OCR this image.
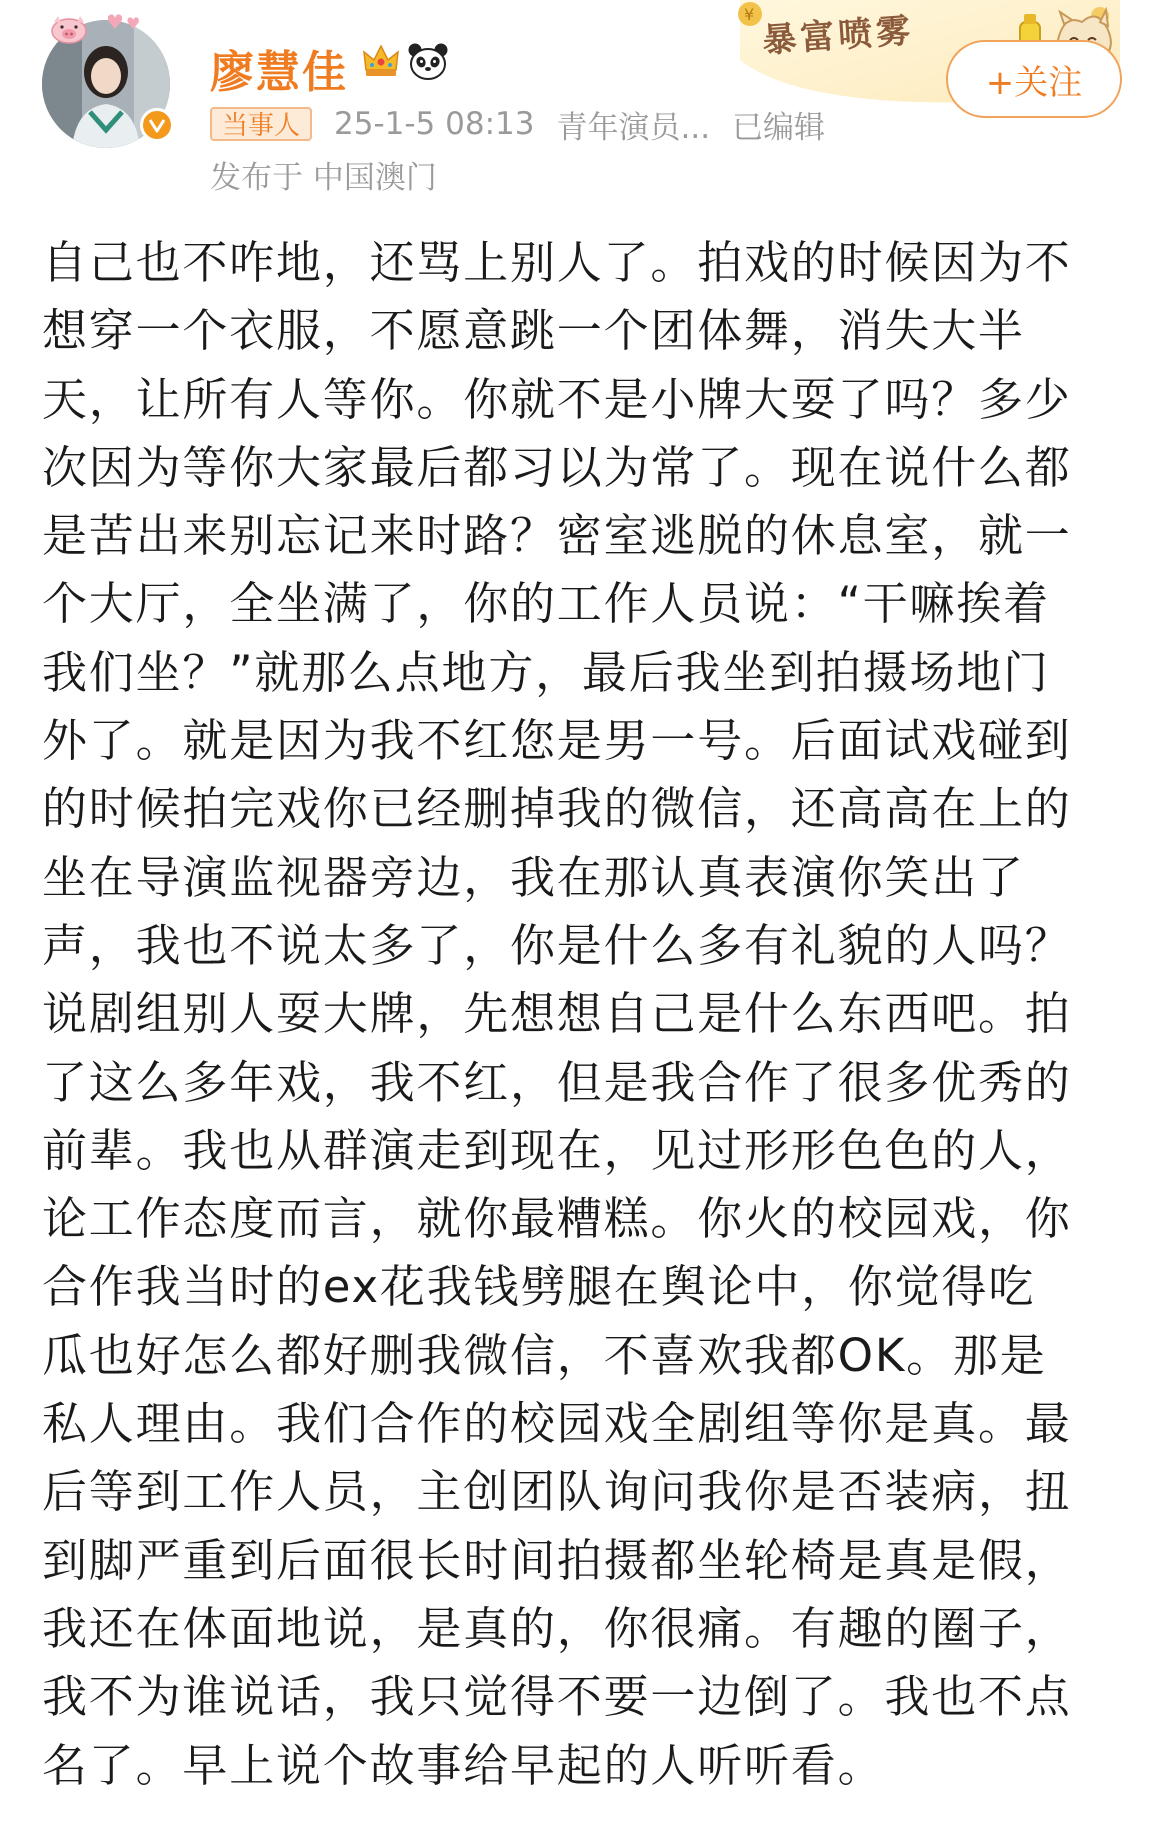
♥ ♥
廖慧佳
当事人	25-1-5 08:13 青年演员... 已编辑
发布于 中国澳门
¥ 暴富喷雾
+关注
自己也不咋地，还骂上别人了。拍戏的时候因为不
想穿一个衣服，不愿意跳一个团体舞，消失大半
天，让所有人等你。你就不是小牌大耍了吗？多少
次因为等你大家最后都习以为常了。现在说什么都
是苦出来别忘记来时路？密室逃脱的休息室，就一
个大厅，全坐满了，你的工作人员说：“干嘛挨着
我们坐？”就那么点地方，最后我坐到拍摄场地门
外了。就是因为我不红您是男一号。后面试戏碰到
的时候拍完戏你已经删掉我的微信，还高高在上的
坐在导演监视器旁边，我在那认真表演你笑出了
声，我也不说太多了，你是什么多有礼貌的人吗？
说剧组别人耍大牌，先想想自己是什么东西吧。拍
了这么多年戏，我不红，但是我合作了很多优秀的
前辈。我也从群演走到现在，见过形形色色的人，
论工作态度而言，就你最糟糕。你火的校园戏，你
合作我当时的ex花我钱劈腿在舆论中，你觉得吃
瓜也好怎么都好删我微信，不喜欢我都OK。那是
私人理由。我们合作的校园戏全剧组等你是真。最
后等到工作人员，主创团队询问我你是否装病，扭
到脚严重到后面很长时间拍摄都坐轮椅是真是假，
我还在体面地说，是真的，你很痛。有趣的圈子，
我不为谁说话，我只觉得不要一边倒了。我也不点
名了。早上说个故事给早起的人听听看。
